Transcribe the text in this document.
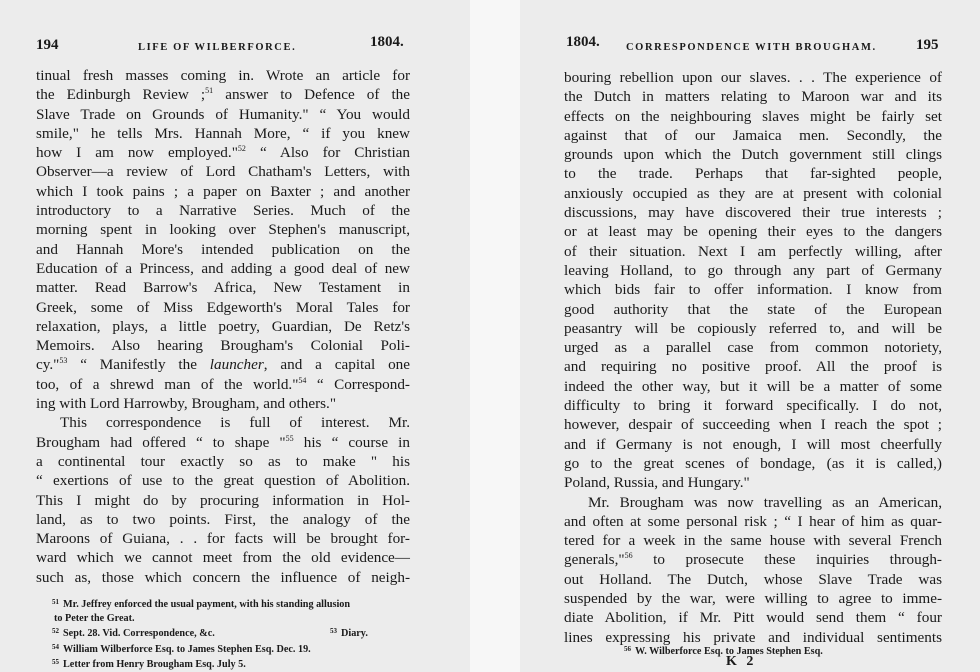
194	LIFE OF WILBERFORCE.	1804.
tinual fresh masses coming in. Wrote an article for
the Edinburgh Review ;$^{51}$ answer to Defence of the
Slave Trade on Grounds of Humanity." “ You would
smile," he tells Mrs. Hannah More, “ if you knew
how I am now employed."$^{52}$ “ Also for Christian
Observer—a review of Lord Chatham's Letters, with
which I took pains ; a paper on Baxter ; and another
introductory to a Narrative Series. Much of the
morning spent in looking over Stephen's manuscript,
and Hannah More's intended publication on the
Education of a Princess, and adding a good deal of new
matter. Read Barrow's Africa, New Testament in
Greek, some of Miss Edgeworth's Moral Tales for
relaxation, plays, a little poetry, Guardian, De Retz's
Memoirs. Also hearing Brougham's Colonial Poli-
cy."$^{53}$ “ Manifestly the launcher, and a capital one
too, of a shrewd man of the world."$^{54}$ “ Correspond-
ing with Lord Harrowby, Brougham, and others."
This correspondence is full of interest. Mr.
Brougham had offered “ to shape "$^{55}$ his “ course in
a continental tour exactly so as to make " his
“ exertions of use to the great question of Abolition.
This I might do by procuring information in Hol-
land, as to two points. First, the analogy of the
Maroons of Guiana, . . for facts will be brought for-
ward which we cannot meet from the old evidence—
such as, those which concern the influence of neigh-
$^{51}$ Mr. Jeffrey enforced the usual payment, with his standing allusion
to Peter the Great.
$^{52}$ Sept. 28. Vid. Correspondence, &c.	$^{53}$ Diary.
$^{54}$ William Wilberforce Esq. to James Stephen Esq. Dec. 19.
$^{55}$ Letter from Henry Brougham Esq. July 5.
1804.	CORRESPONDENCE WITH BROUGHAM.	195
bouring rebellion upon our slaves. . . The experience of
the Dutch in matters relating to Maroon war and its
effects on the neighbouring slaves might be fairly set
against that of our Jamaica men. Secondly, the
grounds upon which the Dutch government still clings
to the trade. Perhaps that far-sighted people,
anxiously occupied as they are at present with colonial
discussions, may have discovered their true interests ;
or at least may be opening their eyes to the dangers
of their situation. Next I am perfectly willing, after
leaving Holland, to go through any part of Germany
which bids fair to offer information. I know from
good authority that the state of the European
peasantry will be copiously referred to, and will be
urged as a parallel case from common notoriety,
and requiring no positive proof. All the proof is
indeed the other way, but it will be a matter of some
difficulty to bring it forward specifically. I do not,
however, despair of succeeding when I reach the spot ;
and if Germany is not enough, I will most cheerfully
go to the great scenes of bondage, (as it is called,)
Poland, Russia, and Hungary."
Mr. Brougham was now travelling as an American,
and often at some personal risk ; “ I hear of him as quar-
tered for a week in the same house with several French
generals,"$^{56}$ to prosecute these inquiries through-
out Holland. The Dutch, whose Slave Trade was
suspended by the war, were willing to agree to imme-
diate Abolition, if Mr. Pitt would send them “ four
lines expressing his private and individual sentiments
$^{56}$ W. Wilberforce Esq. to James Stephen Esq.
K 2
